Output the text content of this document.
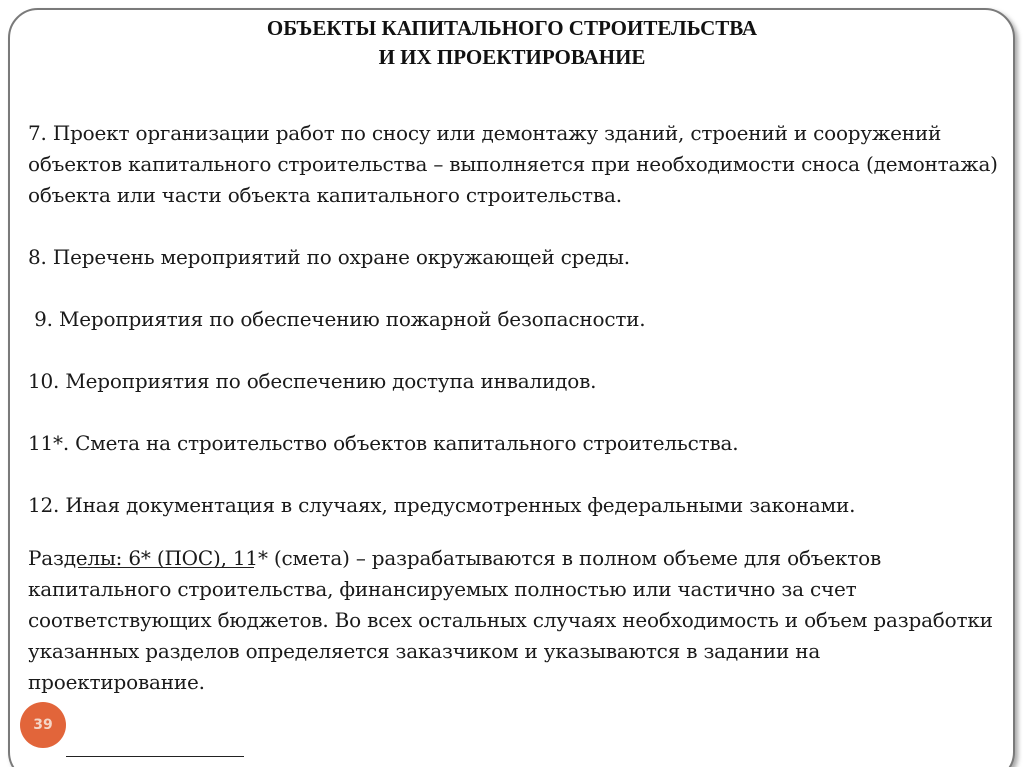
ОБЪЕКТЫ КАПИТАЛЬНОГО СТРОИТЕЛЬСТВА
И ИХ ПРОЕКТИРОВАНИЕ
39

7. Проект организации работ по сносу или демонтажу зданий, строений и сооружений объектов капитального строительства – выполняется при необходимости сноса (демонтажа) объекта или части объекта капитального строительства.

8. Перечень мероприятий по охране окружающей среды.

9. Мероприятия по обеспечению пожарной безопасности.

10. Мероприятия по обеспечению доступа инвалидов.

11*. Смета на строительство объектов капитального строительства.

12. Иная документация в случаях, предусмотренных федеральными законами.

Разделы: 6* (ПОС), 11* (смета) – разрабатываются в полном объеме для объектов капитального строительства, финансируемых полностью или частично за счет соответствующих бюджетов. Во всех остальных случаях необходимость и объем разработки указанных разделов определяется заказчиком и указываются в задании на проектирование.
